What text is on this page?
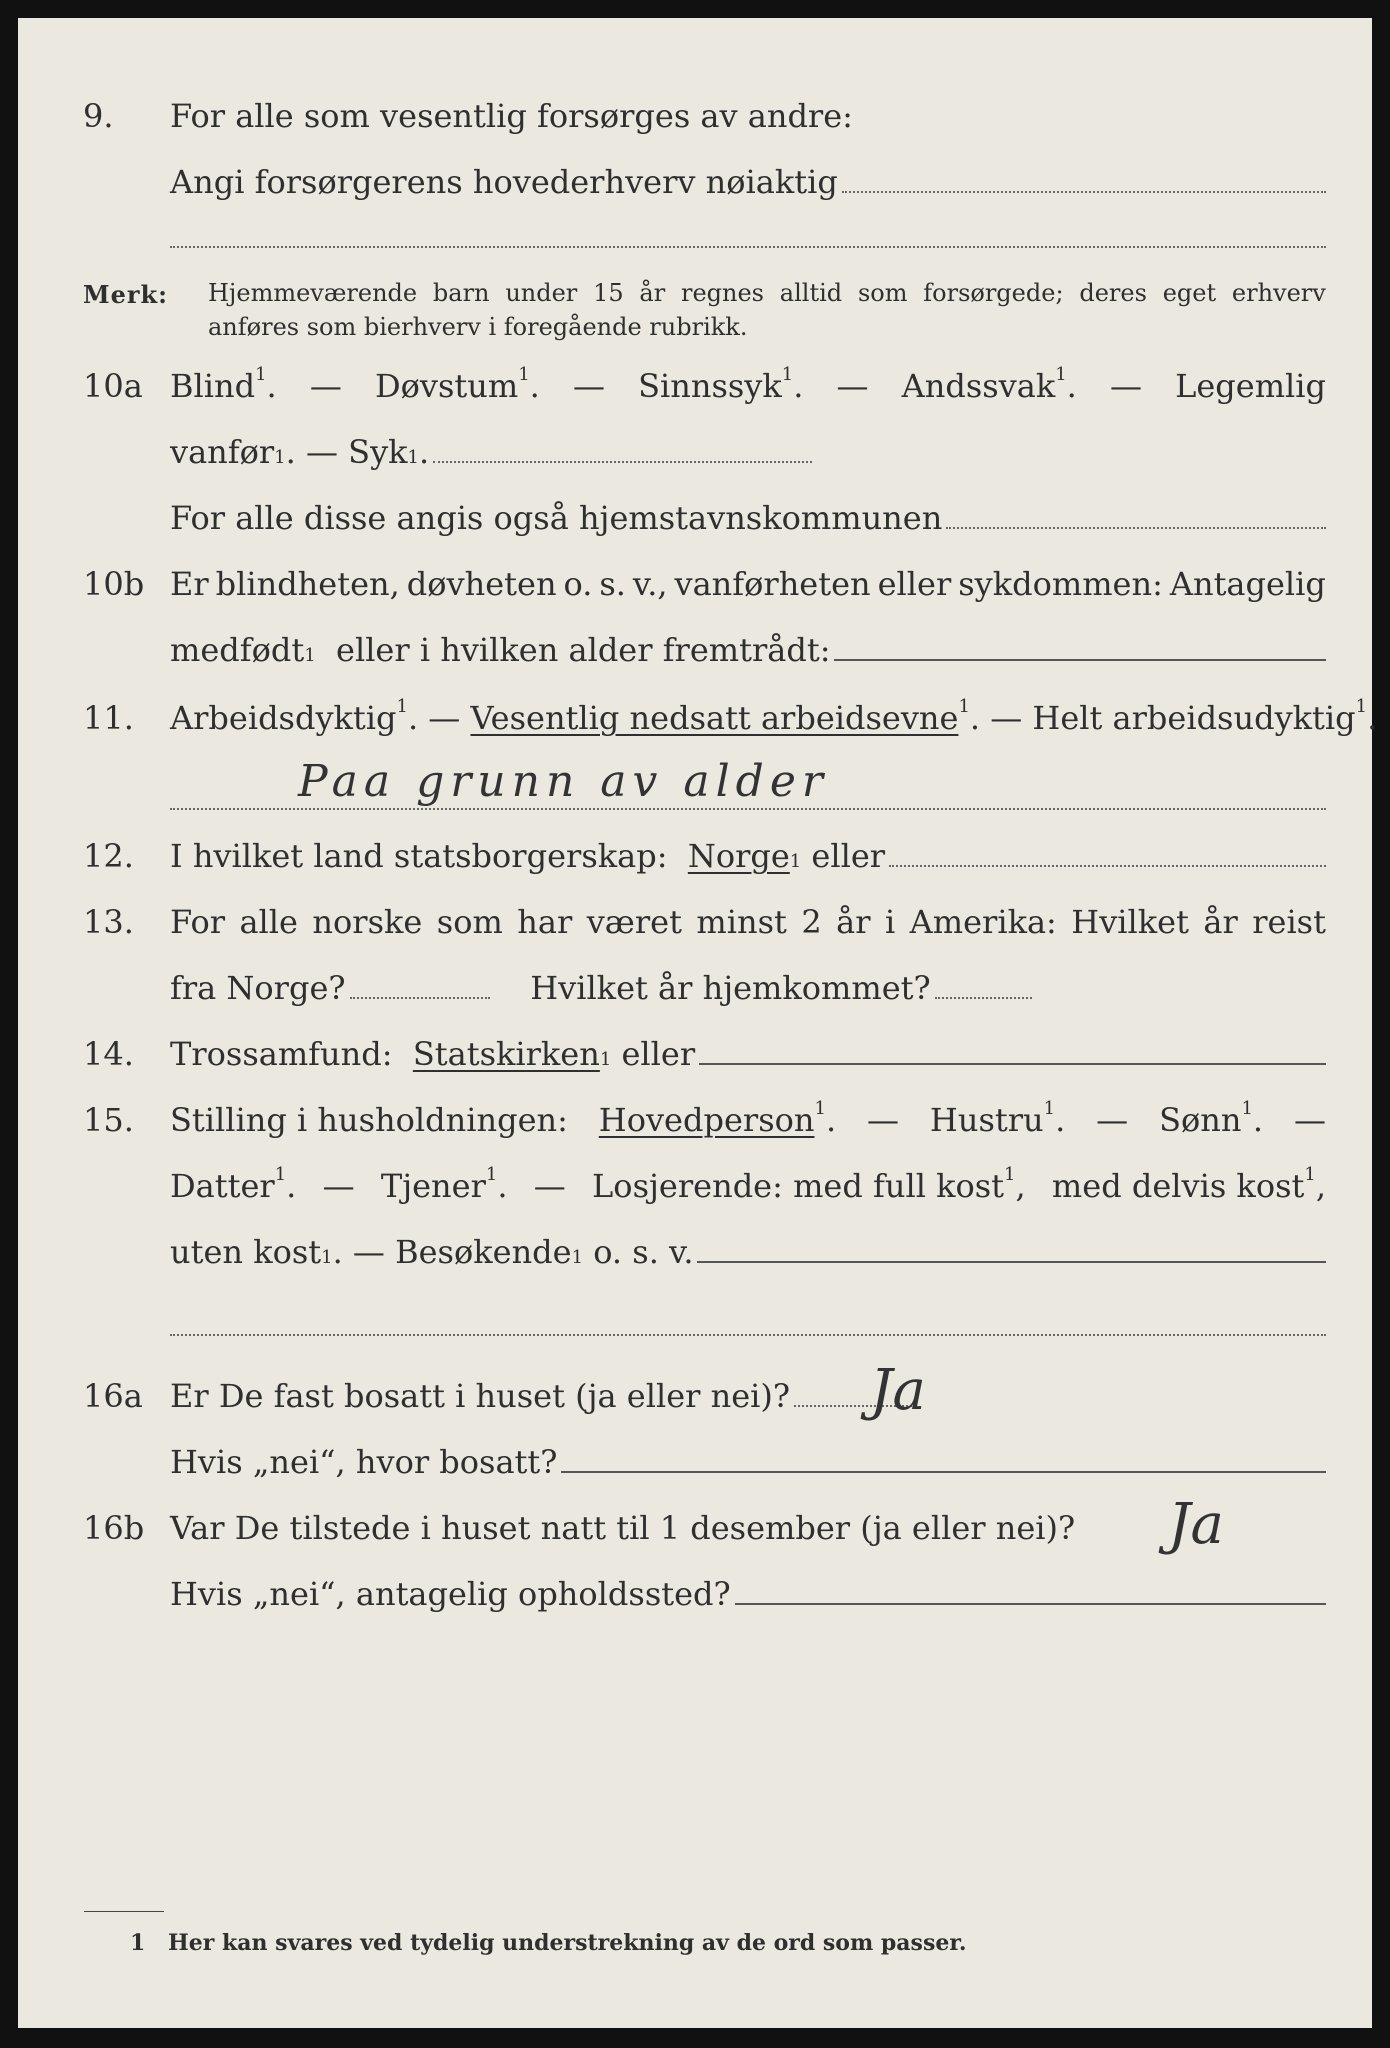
9. For alle som vesentlig forsørges av andre:
Angi forsørgerens hovederhverv nøiaktig
Merk: Hjemmeværende barn under 15 år regnes alltid som forsørgede; deres eget erhverv
anføres som bierhverv i foregående rubrikk.
10a Blind$^1$. — Døvstum$^1$. — Sinnssyk$^1$. — Andssvak$^1$. — Legemlig
vanfør 1 . — Syk 1 .
For alle disse angis også hjemstavnskommunen
10b Er blindheten, døvheten o. s. v., vanførheten eller sykdommen: Antagelig
medfødt 1
eller i hvilken alder fremtrådt:
11. Arbeidsdyktig$^1$. — Vesentlig nedsatt arbeidsevne$^1$. — Helt arbeidsudyktig$^1$.
Paa grunn av alder
12. I hvilket land statsborgerskap:
Norge 1
eller
13. For alle norske som har været minst 2 år i Amerika: Hvilket år reist
fra Norge?
	Hvilket år hjemkommet?
14. Trossamfund:
Statskirken 1
eller
15. Stilling i husholdningen: Hovedperson$^1$. — Hustru$^1$. — Sønn$^1$. —
Datter$^1$. — Tjener$^1$. — Losjerende: med full kost$^1$, med delvis kost$^1$,
uten kost 1 . — Besøkende 1
o. s. v.
16a Er De fast bosatt i huset (ja eller nei)? Ja
Hvis „nei“, hvor bosatt?
16b Var De tilstede i huset natt til 1 desember (ja eller nei)? Ja
Hvis „nei“, antagelig opholdssted?
1 Her kan svares ved tydelig understrekning av de ord som passer.
